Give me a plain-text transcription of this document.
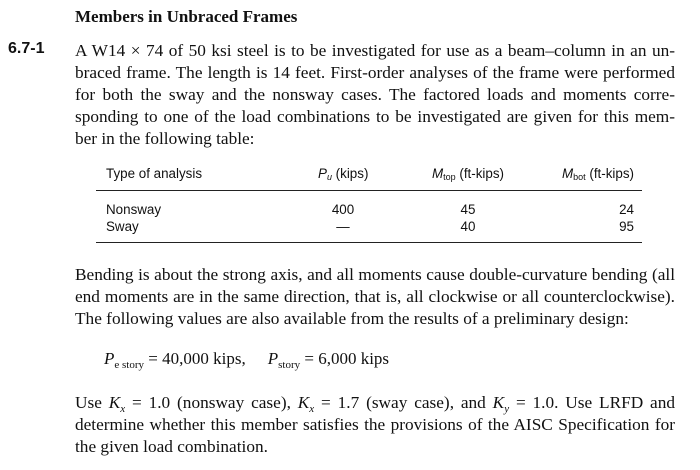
Members in Unbraced Frames
6.7-1 A W14 × 74 of 50 ksi steel is to be investigated for use as a beam–column in an un-
braced frame. The length is 14 feet. First-order analyses of the frame were performed
for both the sway and the nonsway cases. The factored loads and moments corre-
sponding to one of the load combinations to be investigated are given for this mem-
ber in the following table:
Type of analysis	Pu (kips)	Mtop (ft-kips)	Mbot (ft-kips)
Nonsway	400	45	24
Sway	—	40	95
Bending is about the strong axis, and all moments cause double-curvature bending (all
end moments are in the same direction, that is, all clockwise or all counterclockwise).
The following values are also available from the results of a preliminary design:
$P_{e story} = 40,000$ kips, $P_{story} = 6,000$ kips
Use $K_x = 1.0$ (nonsway case), $K_x = 1.7$ (sway case), and $K_y = 1.0$. Use LRFD and
determine whether this member satisfies the provisions of the AISC Specification for
the given load combination.
